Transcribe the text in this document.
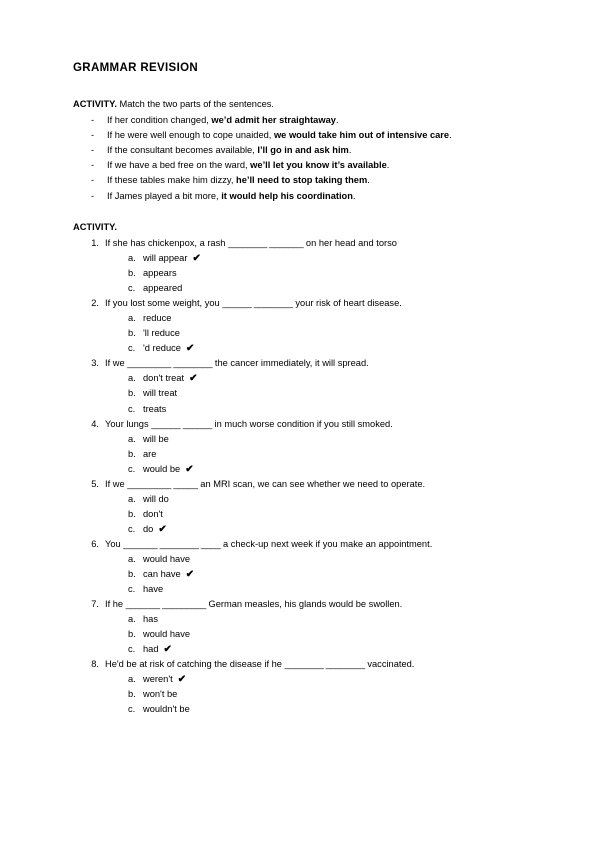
GRAMMAR REVISION

ACTIVITY. Match the two parts of the sentences.

- If her condition changed, we’d admit her straightaway.
- If he were well enough to cope unaided, we would take him out of intensive care.
- If the consultant becomes available, I’ll go in and ask him.
- If we have a bed free on the ward, we’ll let you know it’s available.
- If these tables make him dizzy, he’ll need to stop taking them.
- If James played a bit more, it would help his coordination.

ACTIVITY.

1. If she has chickenpox, a rash ________ _______ on her head and torso
a. will appear ✔
b. appears
c. appeared
2. If you lost some weight, you ______ ________ your risk of heart disease.
a. reduce
b. 'll reduce
c. 'd reduce ✔
3. If we _________ ________ the cancer immediately, it will spread.
a. don't treat ✔
b. will treat
c. treats
4. Your lungs ______ ______ in much worse condition if you still smoked.
a. will be
b. are
c. would be ✔
5. If we _________ _____ an MRI scan, we can see whether we need to operate.
a. will do
b. don't
c. do ✔
6. You _______ ________ ____ a check-up next week if you make an appointment.
a. would have
b. can have ✔
c. have
7. If he _______ _________ German measles, his glands would be swollen.
a. has
b. would have
c. had ✔
8. He'd be at risk of catching the disease if he ________ ________ vaccinated.
a. weren't ✔
b. won't be
c. wouldn't be
